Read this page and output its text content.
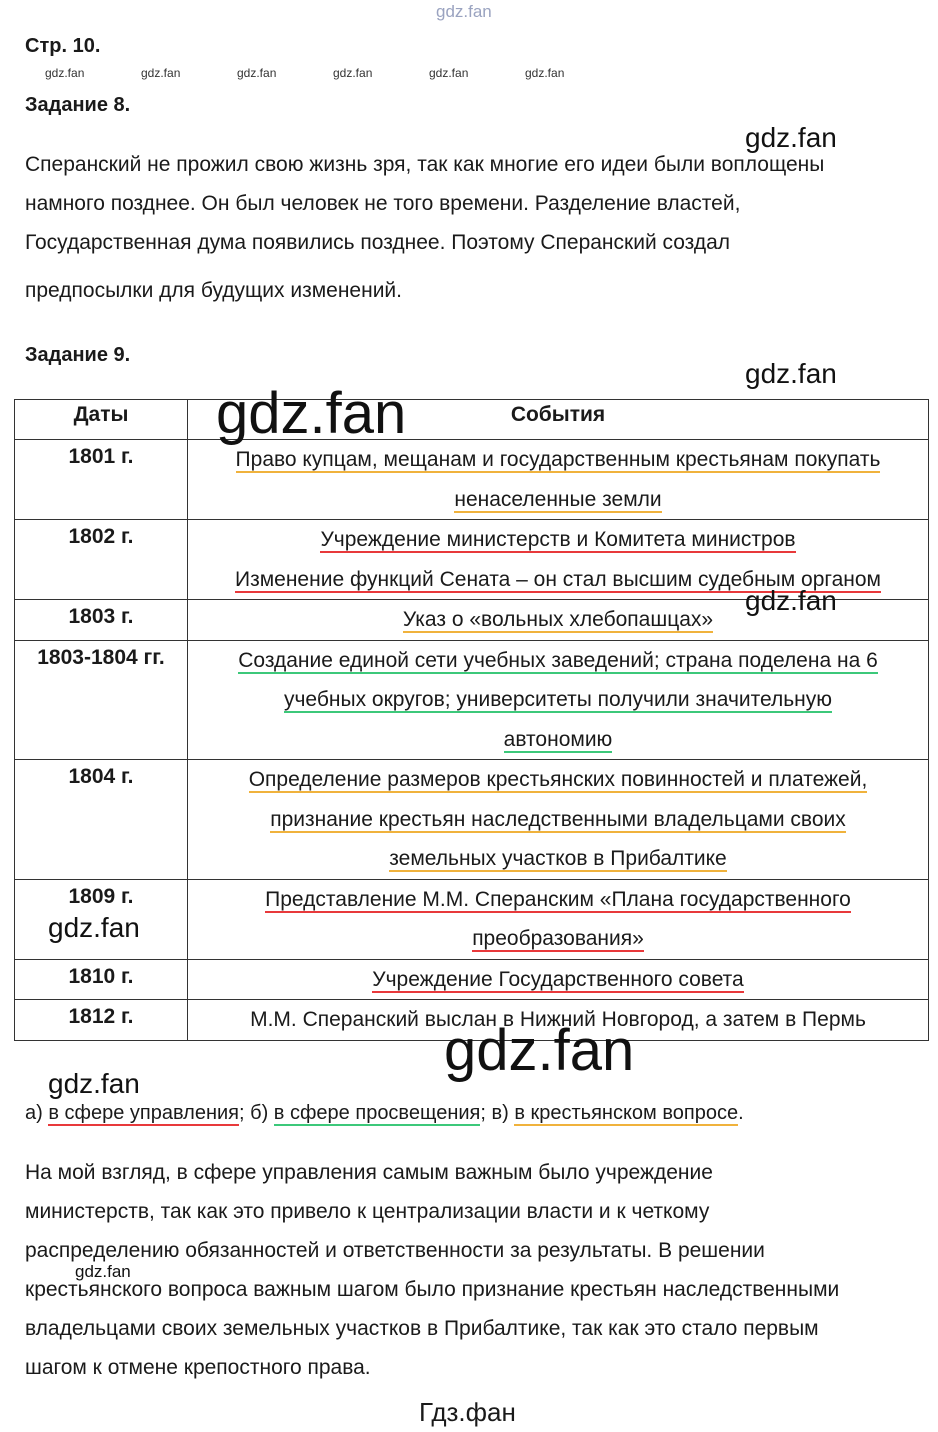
gdz.fan
Стр. 10.
gdz.fan	gdz.fan	gdz.fan	gdz.fan	gdz.fan	gdz.fan
Задание 8.
gdz.fan
Сперанский не прожил свою жизнь зря, так как многие его идеи были воплощены
намного позднее. Он был человек не того времени. Разделение властей,
Государственная дума появились позднее. Поэтому Сперанский создал
предпосылки для будущих изменений.
Задание 9.
gdz.fan
Даты	События
1801 г.	Право купцам, мещанам и государственным крестьянам покупать
ненаселенные земли

1802 г.	Учреждение министерств и Комитета министров
Изменение функций Сената – он стал высшим судебным органом

1803 г.	Указ о «вольных хлебопашцах»

1803-1804 гг.	Создание единой сети учебных заведений; страна поделена на 6
учебных округов; университеты получили значительную
автономию

1804 г.	Определение размеров крестьянских повинностей и платежей,
признание крестьян наследственными владельцами своих
земельных участков в Прибалтике

1809 г.	Представление М.М. Сперанским «Плана государственного
преобразования»

1810 г.	Учреждение Государственного совета

1812 г.	М.М. Сперанский выслан в Нижний Новгород, а затем в Пермь
gdz.fan
gdz.fan
gdz.fan
gdz.fan
gdz.fan
а) в сфере управления; б) в сфере просвещения; в) в крестьянском вопросе.
На мой взгляд, в сфере управления самым важным было учреждение
министерств, так как это привело к централизации власти и к четкому
распределению обязанностей и ответственности за результаты. В решении
крестьянского вопроса важным шагом было признание крестьян наследственными
владельцами своих земельных участков в Прибалтике, так как это стало первым
шагом к отмене крепостного права.
gdz.fan
Гдз.фан
